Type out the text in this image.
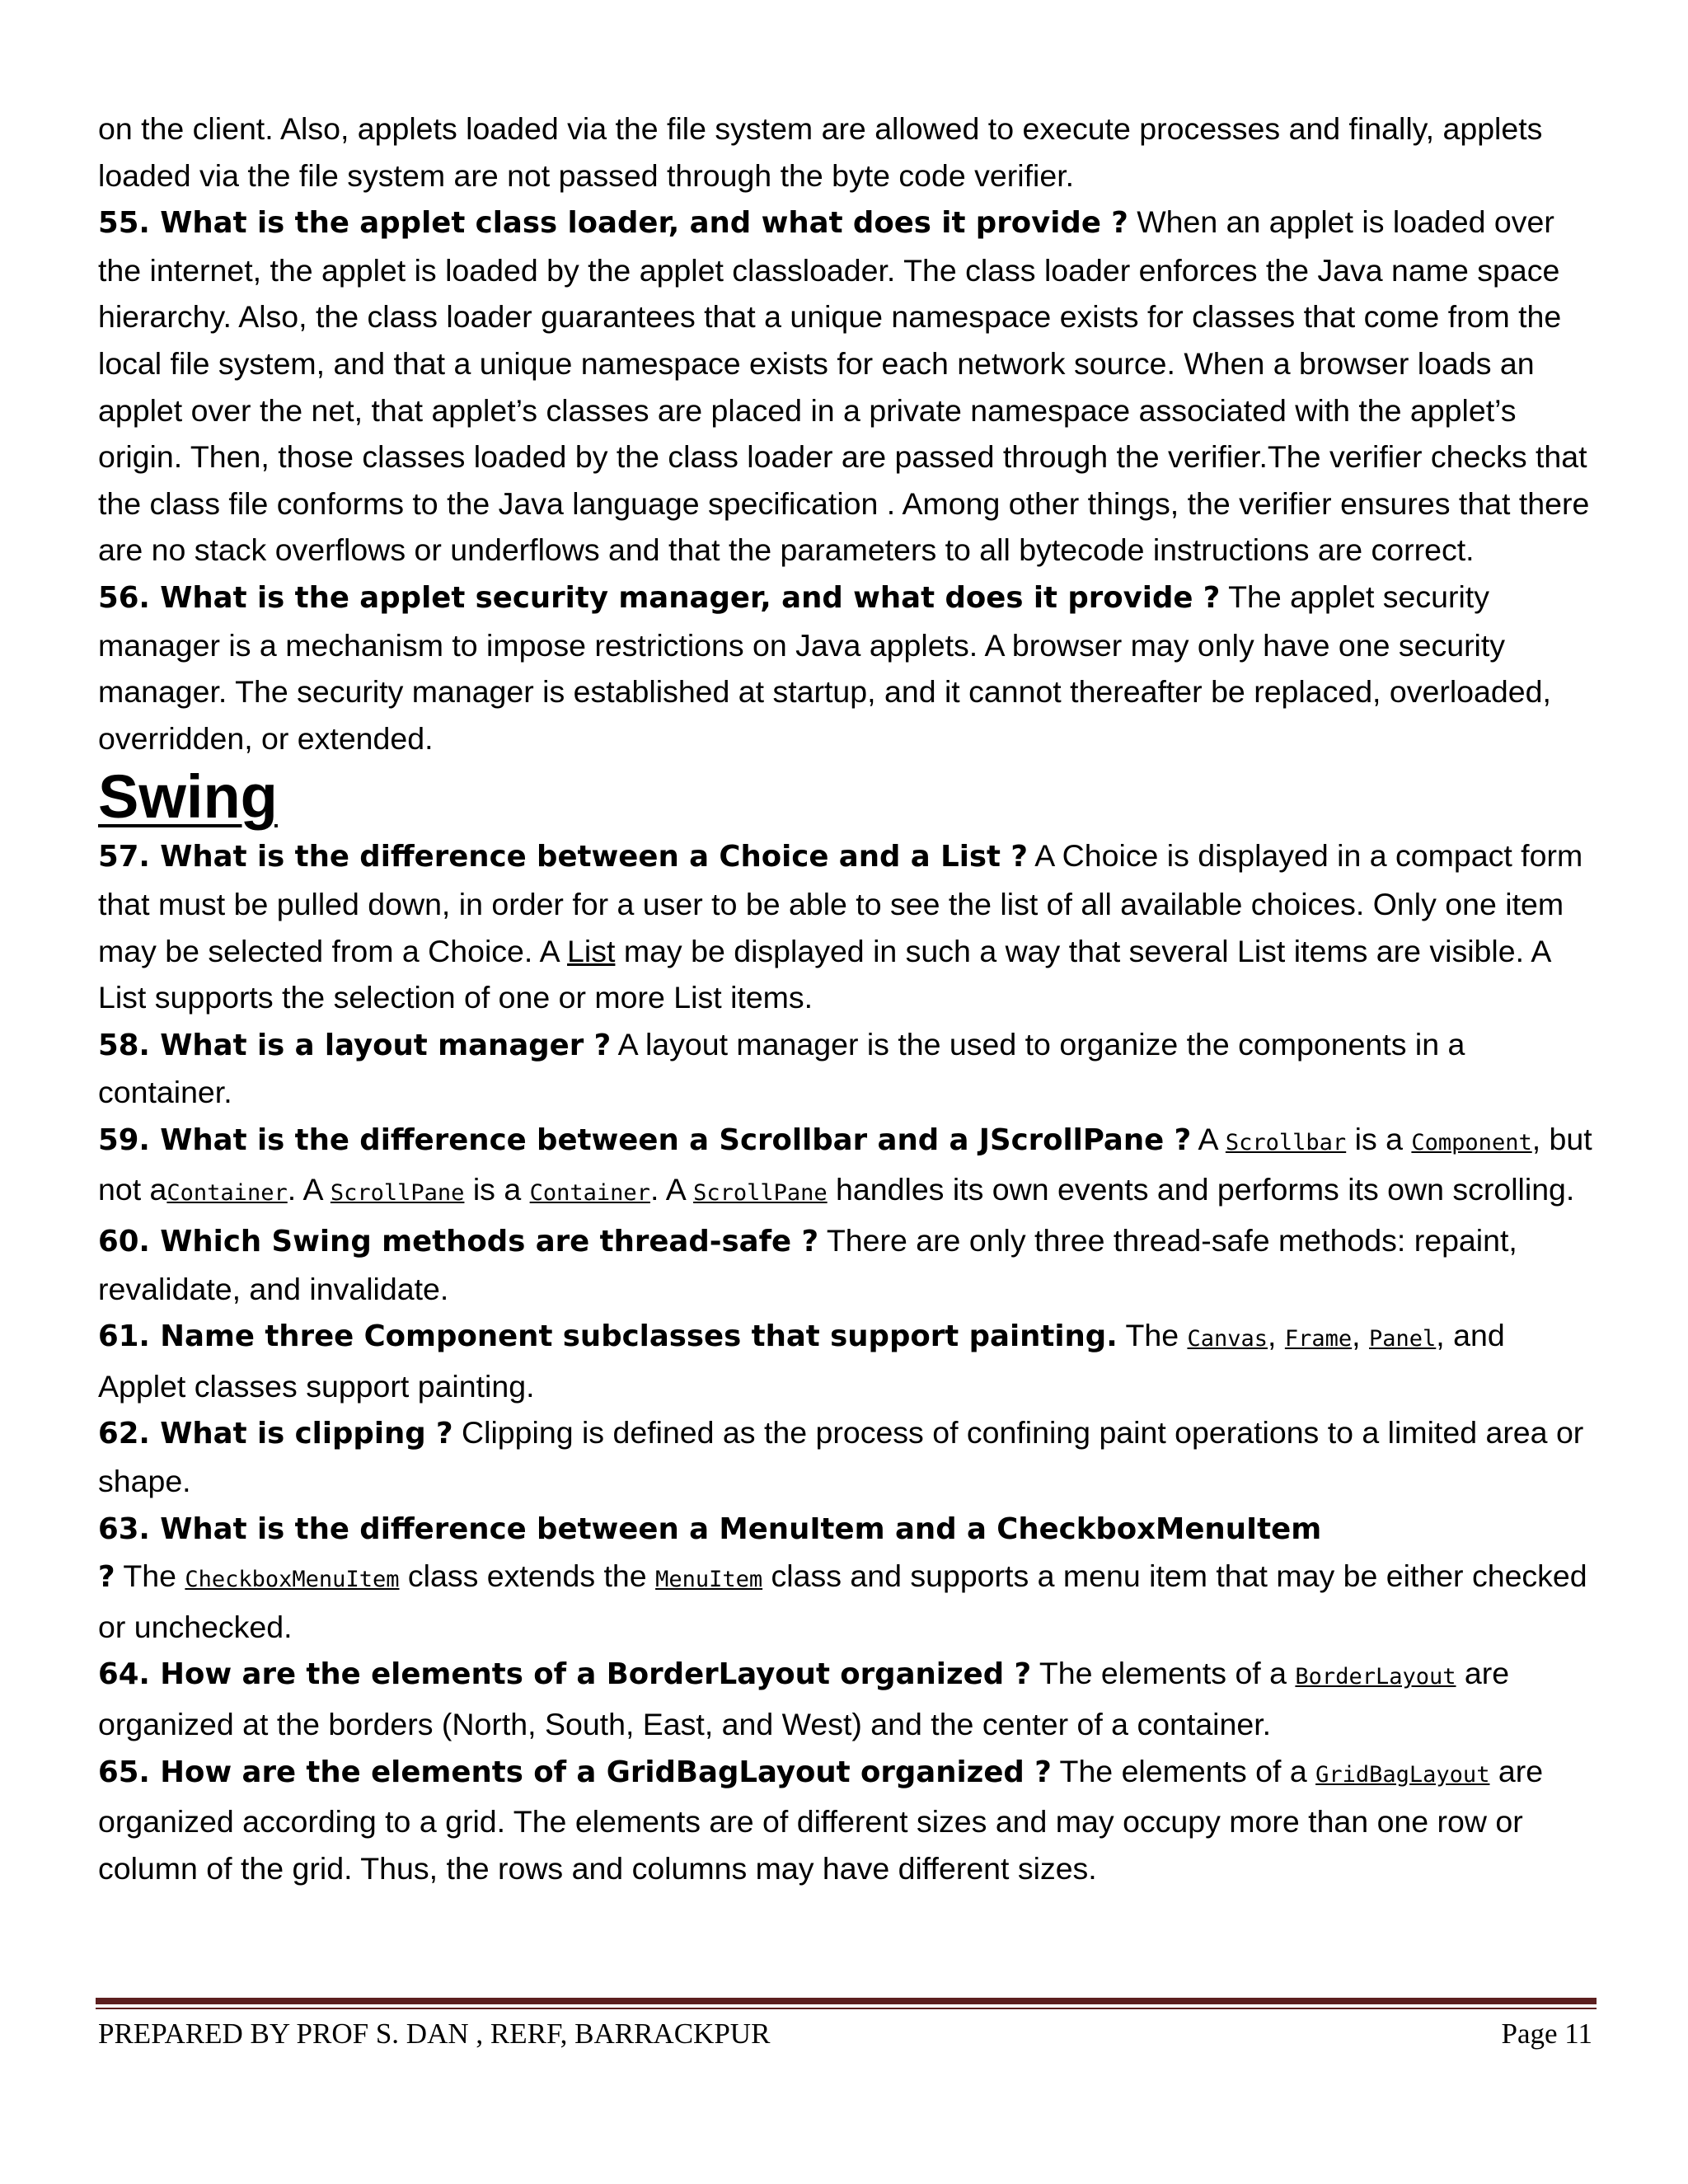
on the client. Also, applets loaded via the file system are allowed to execute processes and finally, applets loaded via the file system are not passed through the byte code verifier.

55. What is the applet class loader, and what does it provide ? When an applet is loaded over the internet, the applet is loaded by the applet classloader. The class loader enforces the Java name space hierarchy. Also, the class loader guarantees that a unique namespace exists for classes that come from the local file system, and that a unique namespace exists for each network source. When a browser loads an applet over the net, that applet’s classes are placed in a private namespace associated with the applet’s origin. Then, those classes loaded by the class loader are passed through the verifier.The verifier checks that the class file conforms to the Java language specification . Among other things, the verifier ensures that there are no stack overflows or underflows and that the parameters to all bytecode instructions are correct.

56. What is the applet security manager, and what does it provide ? The applet security manager is a mechanism to impose restrictions on Java applets. A browser may only have one security manager. The security manager is established at startup, and it cannot thereafter be replaced, overloaded, overridden, or extended.

Swing

57. What is the difference between a Choice and a List ? A Choice is displayed in a compact form that must be pulled down, in order for a user to be able to see the list of all available choices. Only one item may be selected from a Choice. A List may be displayed in such a way that several List items are visible. A List supports the selection of one or more List items.

58. What is a layout manager ? A layout manager is the used to organize the components in a container.

59. What is the difference between a Scrollbar and a JScrollPane ? A Scrollbar is a Component, but not aContainer. A ScrollPane is a Container. A ScrollPane handles its own events and performs its own scrolling.

60. Which Swing methods are thread-safe ? There are only three thread-safe methods: repaint, revalidate, and invalidate.

61. Name three Component subclasses that support painting. The Canvas, Frame, Panel, and Applet classes support painting.

62. What is clipping ? Clipping is defined as the process of confining paint operations to a limited area or shape.

63. What is the difference between a MenuItem and a CheckboxMenuItem
? The CheckboxMenuItem class extends the MenuItem class and supports a menu item that may be either checked or unchecked.

64. How are the elements of a BorderLayout organized ? The elements of a BorderLayout are organized at the borders (North, South, East, and West) and the center of a container.

65. How are the elements of a GridBagLayout organized ? The elements of a GridBagLayout are organized according to a grid. The elements are of different sizes and may occupy more than one row or column of the grid. Thus, the rows and columns may have different sizes.

PREPARED BY PROF S. DAN , RERF, BARRACKPUR	Page 11
